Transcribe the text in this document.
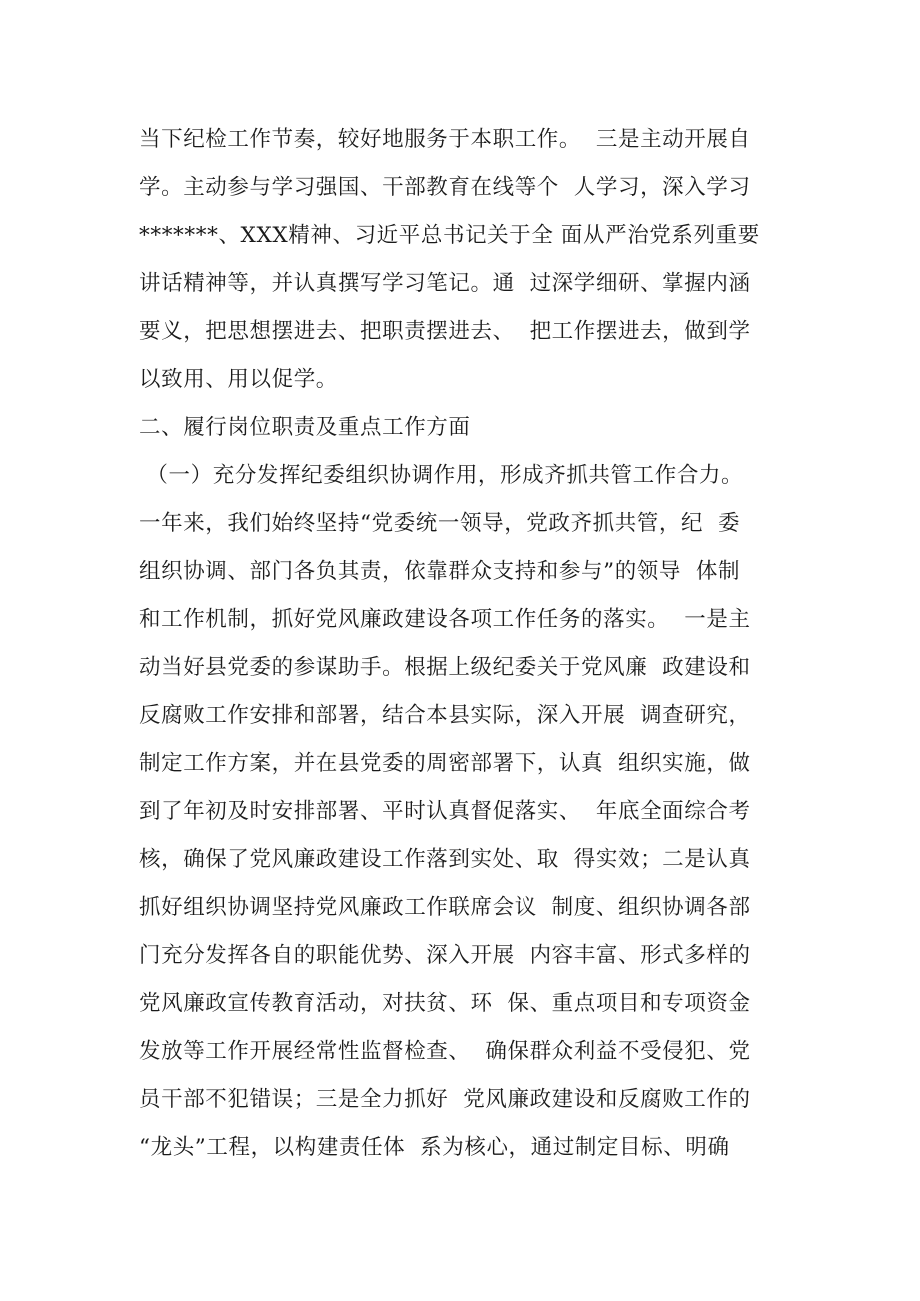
当下纪检工作节奏，较好地服务于本职工作。  三是主动开展自
学。主动参与学习强国、干部教育在线等个  人学习，深入学习
*******、XXX精神、习近平总书记关于全 面从严治党系列重要
讲话精神等，并认真撰写学习笔记。通  过深学细研、掌握内涵
要义，把思想摆进去、把职责摆进去、  把工作摆进去，做到学
以致用、用以促学。
二、履行岗位职责及重点工作方面
（一）充分发挥纪委组织协调作用，形成齐抓共管工作合力。
一年来，我们始终坚持“党委统一领导，党政齐抓共管，纪  委
组织协调、部门各负其责，依靠群众支持和参与”的领导  体制
和工作机制，抓好党风廉政建设各项工作任务的落实。  一是主
动当好县党委的参谋助手。根据上级纪委关于党风廉  政建设和
反腐败工作安排和部署，结合本县实际，深入开展  调查研究，
制定工作方案，并在县党委的周密部署下，认真  组织实施，做
到了年初及时安排部署、平时认真督促落实、  年底全面综合考
核，确保了党风廉政建设工作落到实处、取  得实效；二是认真
抓好组织协调坚持党风廉政工作联席会议  制度、组织协调各部
门充分发挥各自的职能优势、深入开展  内容丰富、形式多样的
党风廉政宣传教育活动，对扶贫、环  保、重点项目和专项资金
发放等工作开展经常性监督检查、  确保群众利益不受侵犯、党
员干部不犯错误；三是全力抓好  党风廉政建设和反腐败工作的
“龙头”工程，以构建责任体  系为核心，通过制定目标、明确
